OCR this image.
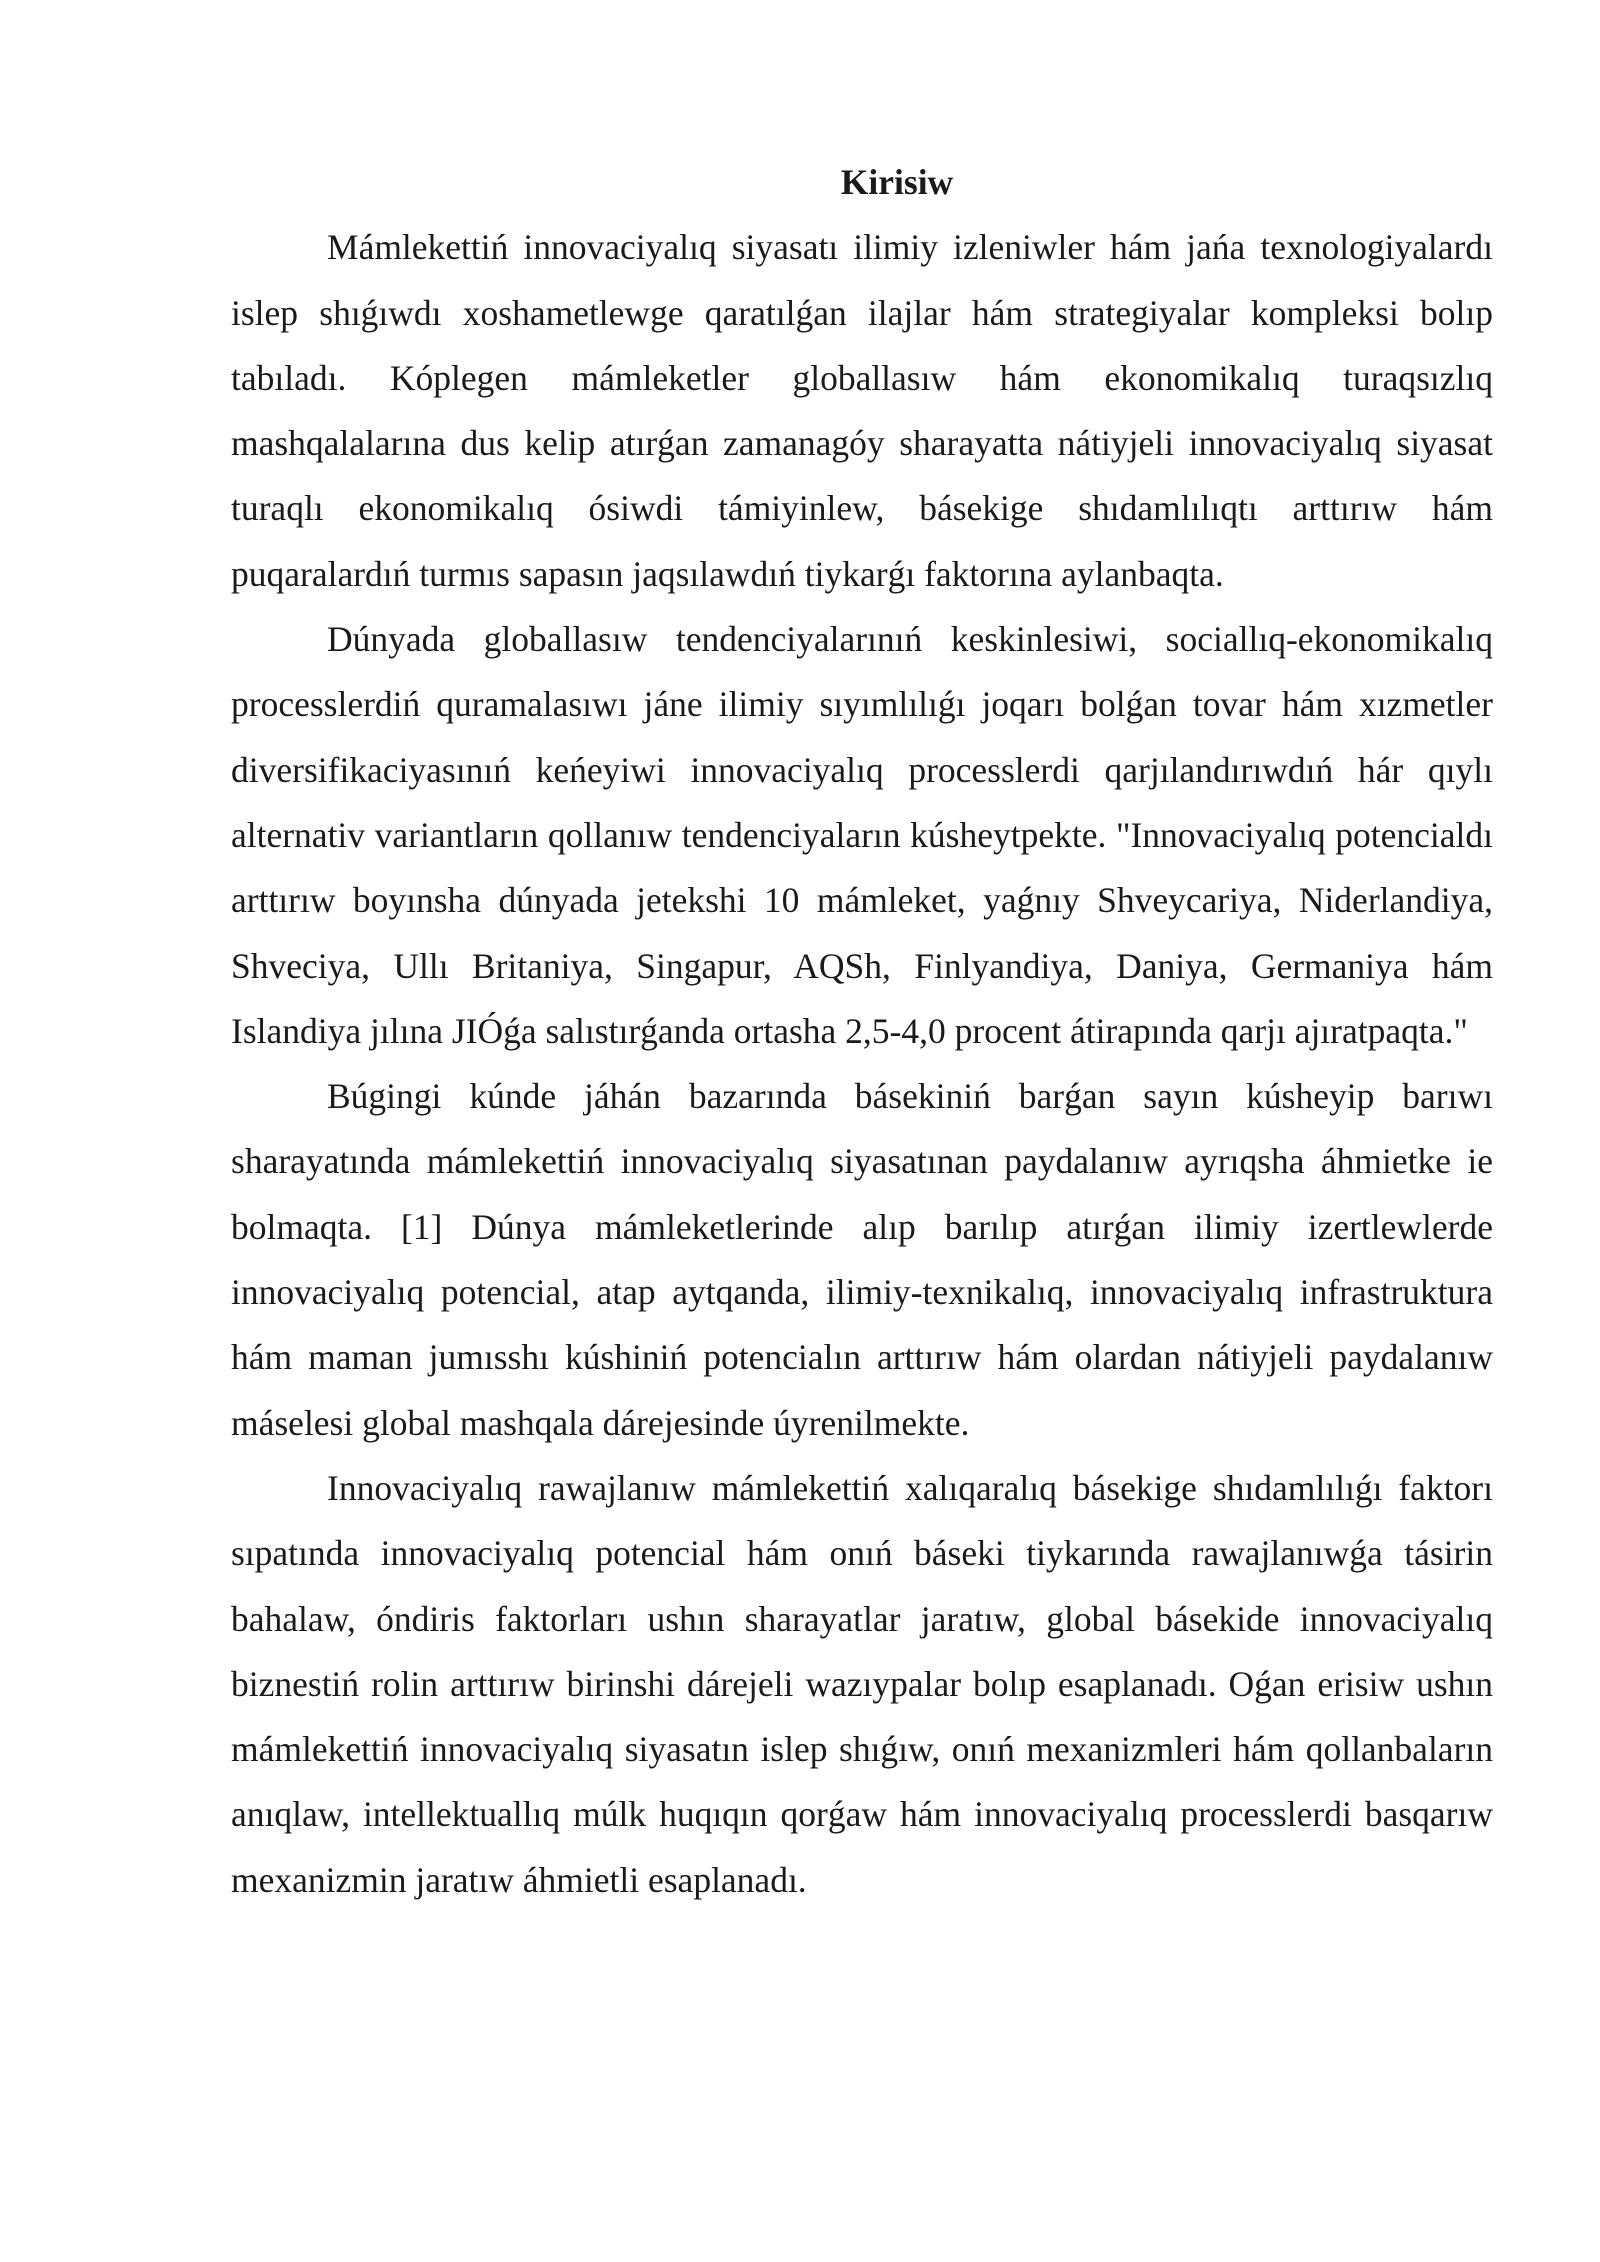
Kirisiw

Mámlekettiń innovaciyalıq siyasatı ilimiy izleniwler hám jańa texnologiyalardı islep shıǵıwdı xoshametlewge qaratılǵan ilajlar hám strategiyalar kompleksi bolıp tabıladı. Kóplegen mámleketler globallasıw hám ekonomikalıq turaqsızlıq mashqalalarına dus kelip atırǵan zamanagóy sharayatta nátiyjeli innovaciyalıq siyasat turaqlı ekonomikalıq ósiwdi támiyinlew, básekige shıdamlılıqtı arttırıw hám puqaralardıń turmıs sapasın jaqsılawdıń tiykarǵı faktorına aylanbaqta.

Dúnyada globallasıw tendenciyalarınıń keskinlesiwi, sociallıq-ekonomikalıq processlerdiń quramalasıwı jáne ilimiy sıyımlılıǵı joqarı bolǵan tovar hám xızmetler diversifikaciyasınıń keńeyiwi innovaciyalıq processlerdi qarjılandırıwdıń hár qıylı alternativ variantların qollanıw tendenciyaların kúsheytpekte. "Innovaciyalıq potencialdı arttırıw boyınsha dúnyada jetekshi 10 mámleket, yaǵnıy Shveycariya, Niderlandiya, Shveciya, Ullı Britaniya, Singapur, AQSh, Finlyandiya, Daniya, Germaniya hám Islandiya jılına JIÓǵa salıstırǵanda ortasha 2,5-4,0 procent átirapında qarjı ajıratpaqta."

Búgingi kúnde jáhán bazarında básekiniń barǵan sayın kúsheyip barıwı sharayatında mámlekettiń innovaciyalıq siyasatınan paydalanıw ayrıqsha áhmietke ie bolmaqta. [1] Dúnya mámleketlerinde alıp barılıp atırǵan ilimiy izertlewlerde innovaciyalıq potencial, atap aytqanda, ilimiy-texnikalıq, innovaciyalıq infrastruktura hám maman jumısshı kúshiniń potencialın arttırıw hám olardan nátiyjeli paydalanıw máselesi global mashqala dárejesinde úyrenilmekte.

Innovaciyalıq rawajlanıw mámlekettiń xalıqaralıq básekige shıdamlılıǵı faktorı sıpatında innovaciyalıq potencial hám onıń báseki tiykarında rawajlanıwǵa tásirin bahalaw, óndiris faktorları ushın sharayatlar jaratıw, global básekide innovaciyalıq biznestiń rolin arttırıw birinshi dárejeli wazıypalar bolıp esaplanadı. Oǵan erisiw ushın mámlekettiń innovaciyalıq siyasatın islep shıǵıw, onıń mexanizmleri hám qollanbaların anıqlaw, intellektuallıq múlk huqıqın qorǵaw hám innovaciyalıq processlerdi basqarıw mexanizmin jaratıw áhmietli esaplanadı.
